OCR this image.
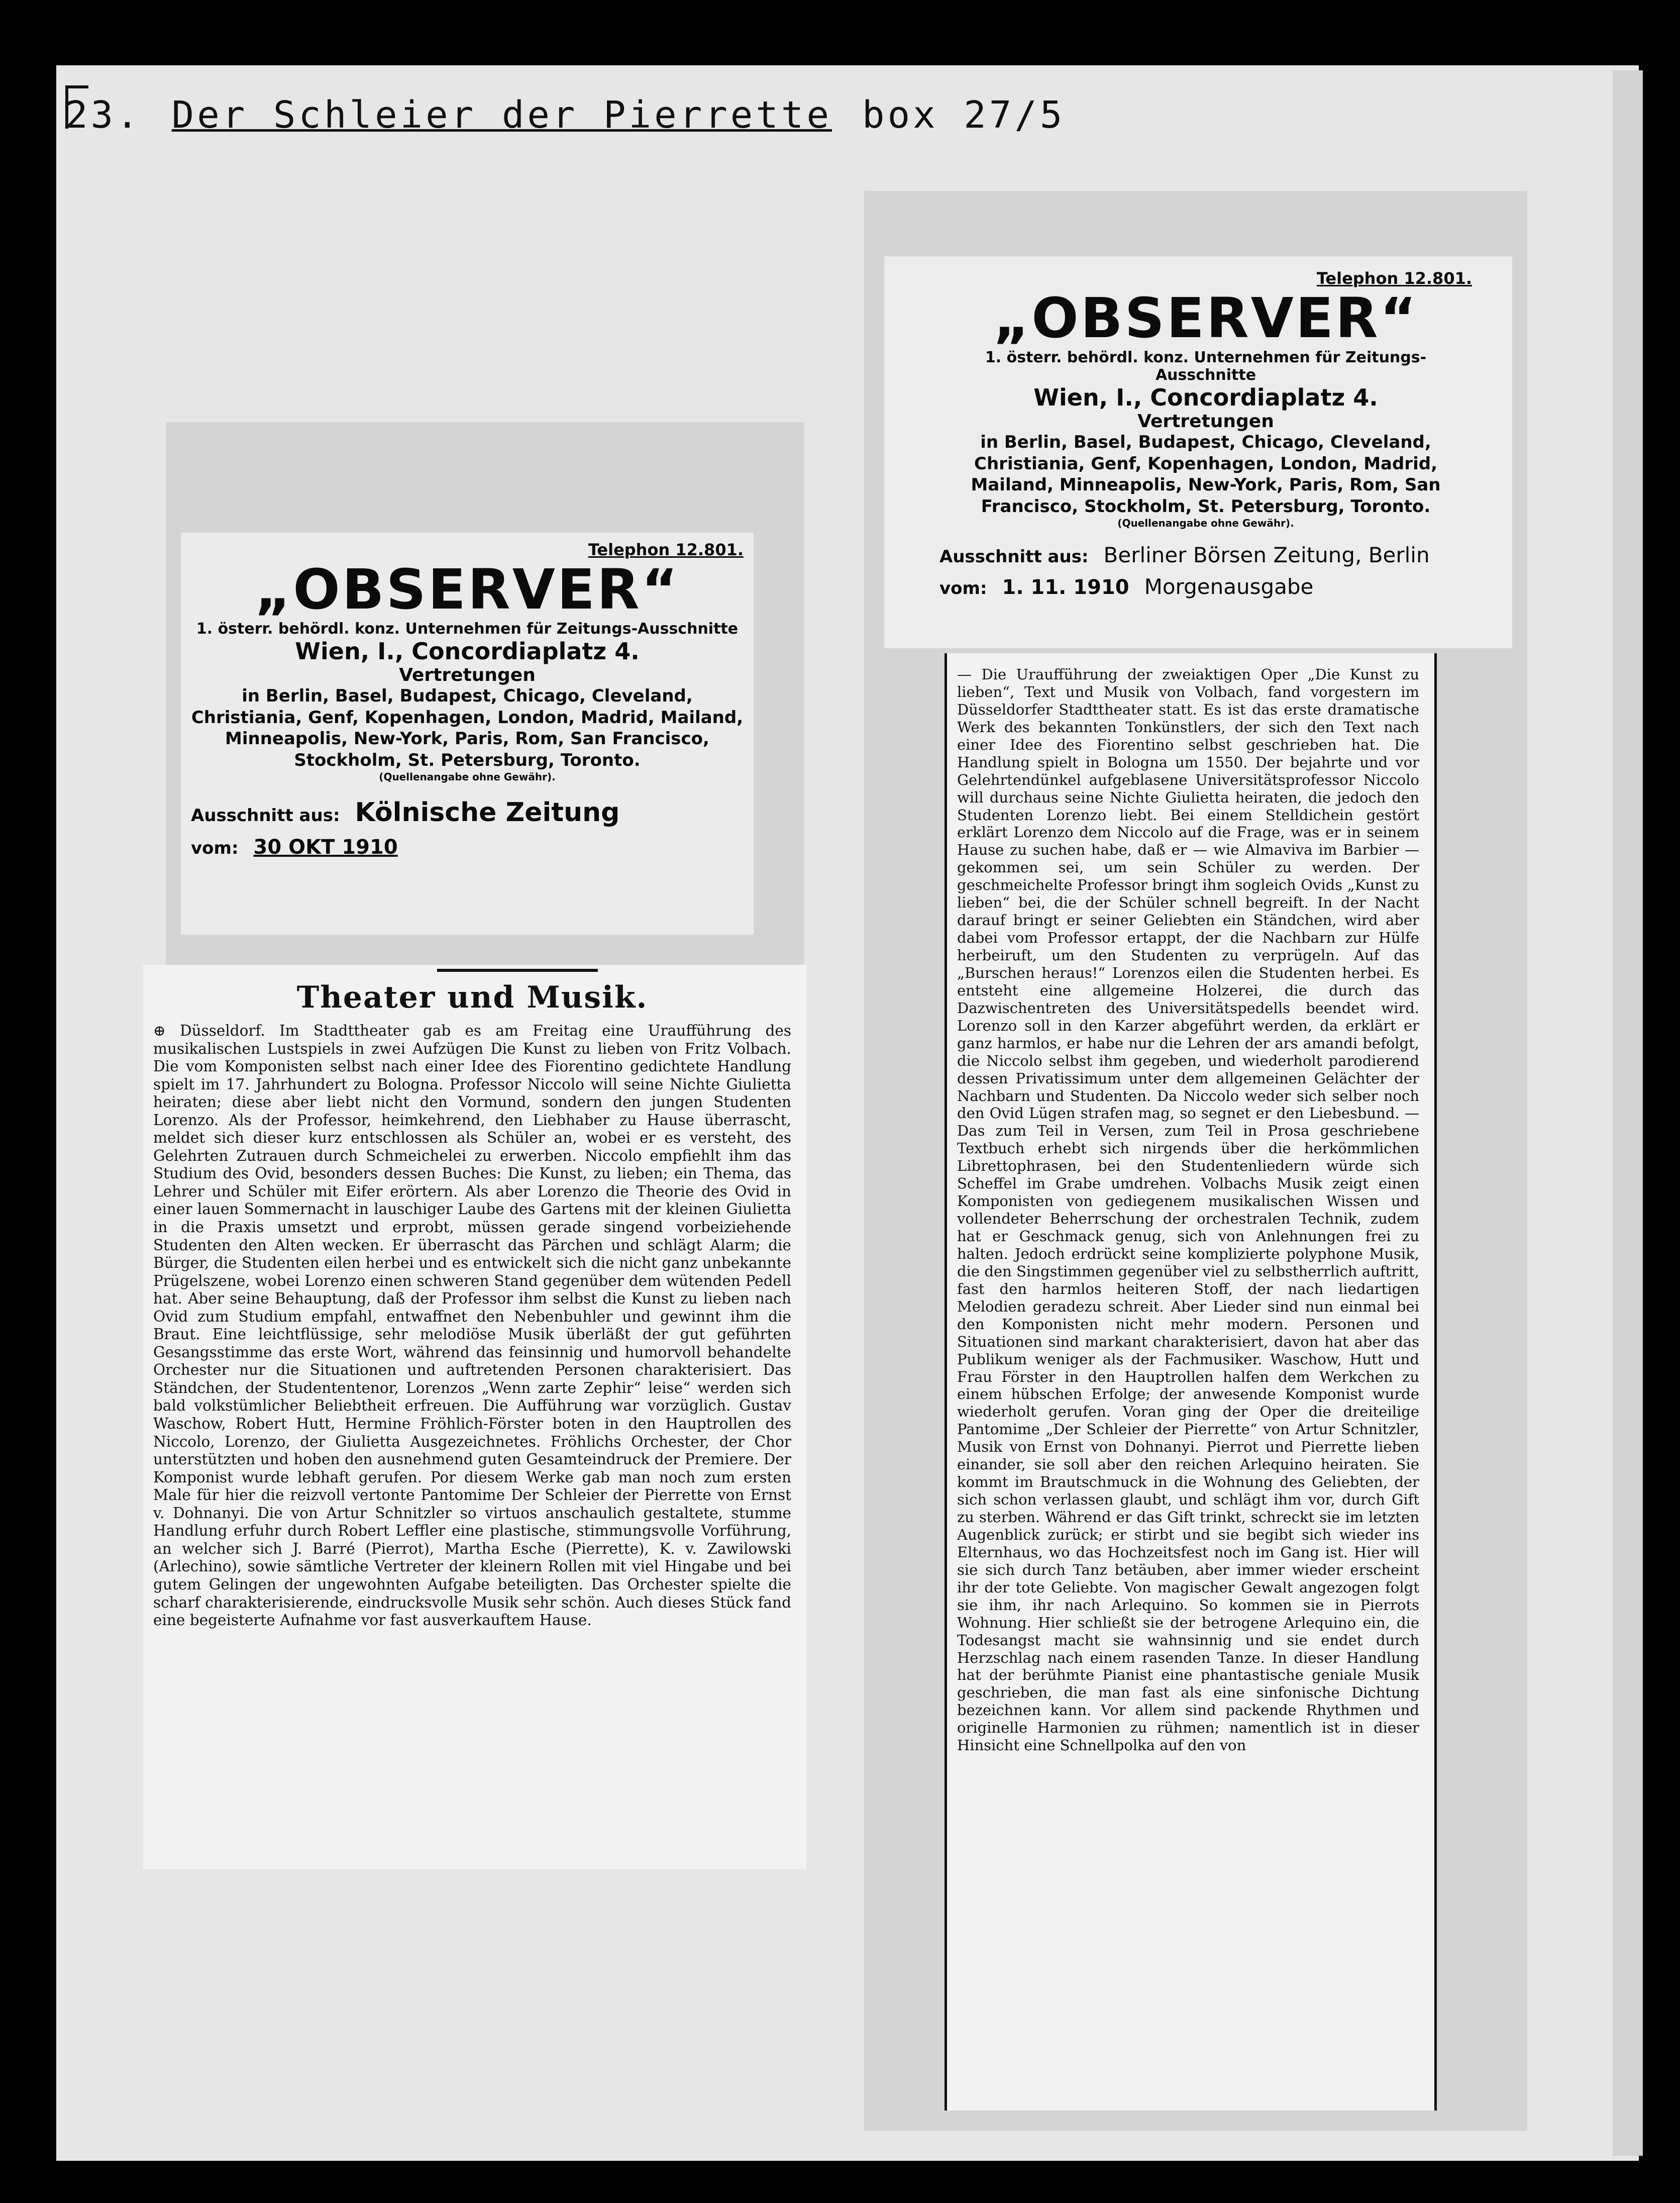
23. Der Schleier der Pierrette box 27/5
Telephon 12.801.
„OBSERVER“
1. österr. behördl. konz. Unternehmen für Zeitungs-Ausschnitte
Wien, I., Concordiaplatz 4.
Vertretungen
in Berlin, Basel, Budapest, Chicago, Cleveland, Christiania, Genf, Kopenhagen, London, Madrid, Mailand, Minneapolis, New-York, Paris, Rom, San Francisco, Stockholm, St. Petersburg, Toronto.
(Quellenangabe ohne Gewähr).
Ausschnitt aus: Kölnische Zeitung
vom: 30 OKT 1910
Theater und Musik.

⊕ Düsseldorf. Im Stadttheater gab es am Freitag eine Uraufführung des musikalischen Lustspiels in zwei Aufzügen Die Kunst zu lieben von Fritz Volbach. Die vom Komponisten selbst nach einer Idee des Fiorentino gedichtete Handlung spielt im 17. Jahrhundert zu Bologna. Professor Niccolo will seine Nichte Giulietta heiraten; diese aber liebt nicht den Vormund, sondern den jungen Studenten Lorenzo. Als der Professor, heimkehrend, den Liebhaber zu Hause überrascht, meldet sich dieser kurz entschlossen als Schüler an, wobei er es versteht, des Gelehrten Zutrauen durch Schmeichelei zu erwerben. Niccolo empfiehlt ihm das Studium des Ovid, besonders dessen Buches: Die Kunst, zu lieben; ein Thema, das Lehrer und Schüler mit Eifer erörtern. Als aber Lorenzo die Theorie des Ovid in einer lauen Sommernacht in lauschiger Laube des Gartens mit der kleinen Giulietta in die Praxis umsetzt und erprobt, müssen gerade singend vorbeiziehende Studenten den Alten wecken. Er überrascht das Pärchen und schlägt Alarm; die Bürger, die Studenten eilen herbei und es entwickelt sich die nicht ganz unbekannte Prügelszene, wobei Lorenzo einen schweren Stand gegenüber dem wütenden Pedell hat. Aber seine Behauptung, daß der Professor ihm selbst die Kunst zu lieben nach Ovid zum Studium empfahl, entwaffnet den Nebenbuhler und gewinnt ihm die Braut. Eine leichtflüssige, sehr melodiöse Musik überläßt der gut geführten Gesangsstimme das erste Wort, während das feinsinnig und humorvoll behandelte Orchester nur die Situationen und auftretenden Personen charakterisiert. Das Ständchen, der Studententenor, Lorenzos „Wenn zarte Zephir“ leise“ werden sich bald volkstümlicher Beliebtheit erfreuen. Die Aufführung war vorzüglich. Gustav Waschow, Robert Hutt, Hermine Fröhlich-Förster boten in den Hauptrollen des Niccolo, Lorenzo, der Giulietta Ausgezeichnetes. Fröhlichs Orchester, der Chor unterstützten und hoben den ausnehmend guten Gesamteindruck der Premiere. Der Komponist wurde lebhaft gerufen. Por diesem Werke gab man noch zum ersten Male für hier die reizvoll vertonte Pantomime Der Schleier der Pierrette von Ernst v. Dohnanyi. Die von Artur Schnitzler so virtuos anschaulich gestaltete, stumme Handlung erfuhr durch Robert Leffler eine plastische, stimmungsvolle Vorführung, an welcher sich J. Barré (Pierrot), Martha Esche (Pierrette), K. v. Zawilowski (Arlechino), sowie sämtliche Vertreter der kleinern Rollen mit viel Hingabe und bei gutem Gelingen der ungewohnten Aufgabe beteiligten. Das Orchester spielte die scharf charakterisierende, eindrucksvolle Musik sehr schön. Auch dieses Stück fand eine begeisterte Aufnahme vor fast ausverkauftem Hause.

Telephon 12.801.
„OBSERVER“
1. österr. behördl. konz. Unternehmen für Zeitungs-Ausschnitte
Wien, I., Concordiaplatz 4.
Vertretungen
in Berlin, Basel, Budapest, Chicago, Cleveland, Christiania, Genf, Kopenhagen, London, Madrid, Mailand, Minneapolis, New-York, Paris, Rom, San Francisco, Stockholm, St. Petersburg, Toronto.
(Quellenangabe ohne Gewähr).
Ausschnitt aus: Berliner Börsen Zeitung, Berlin
vom: 1. 11. 1910 Morgenausgabe

— Die Uraufführung der zweiaktigen Oper „Die Kunst zu lieben“, Text und Musik von Volbach, fand vorgestern im Düsseldorfer Stadttheater statt. Es ist das erste dramatische Werk des bekannten Tonkünstlers, der sich den Text nach einer Idee des Fiorentino selbst geschrieben hat. Die Handlung spielt in Bologna um 1550. Der bejahrte und vor Gelehrtendünkel aufgeblasene Universitätsprofessor Niccolo will durchaus seine Nichte Giulietta heiraten, die jedoch den Studenten Lorenzo liebt. Bei einem Stelldichein gestört erklärt Lorenzo dem Niccolo auf die Frage, was er in seinem Hause zu suchen habe, daß er — wie Almaviva im Barbier — gekommen sei, um sein Schüler zu werden. Der geschmeichelte Professor bringt ihm sogleich Ovids „Kunst zu lieben“ bei, die der Schüler schnell begreift. In der Nacht darauf bringt er seiner Geliebten ein Ständchen, wird aber dabei vom Professor ertappt, der die Nachbarn zur Hülfe herbeiruft, um den Studenten zu verprügeln. Auf das „Burschen heraus!“ Lorenzos eilen die Studenten herbei. Es entsteht eine allgemeine Holzerei, die durch das Dazwischentreten des Universitätspedells beendet wird. Lorenzo soll in den Karzer abgeführt werden, da erklärt er ganz harmlos, er habe nur die Lehren der ars amandi befolgt, die Niccolo selbst ihm gegeben, und wiederholt parodierend dessen Privatissimum unter dem allgemeinen Gelächter der Nachbarn und Studenten. Da Niccolo weder sich selber noch den Ovid Lügen strafen mag, so segnet er den Liebesbund. — Das zum Teil in Versen, zum Teil in Prosa geschriebene Textbuch erhebt sich nirgends über die herkömmlichen Librettophrasen, bei den Studentenliedern würde sich Scheffel im Grabe umdrehen. Volbachs Musik zeigt einen Komponisten von gediegenem musikalischen Wissen und vollendeter Beherrschung der orchestralen Technik, zudem hat er Geschmack genug, sich von Anlehnungen frei zu halten. Jedoch erdrückt seine komplizierte polyphone Musik, die den Singstimmen gegenüber viel zu selbstherrlich auftritt, fast den harmlos heiteren Stoff, der nach liedartigen Melodien geradezu schreit. Aber Lieder sind nun einmal bei den Komponisten nicht mehr modern. Personen und Situationen sind markant charakterisiert, davon hat aber das Publikum weniger als der Fachmusiker. Waschow, Hutt und Frau Förster in den Hauptrollen halfen dem Werkchen zu einem hübschen Erfolge; der anwesende Komponist wurde wiederholt gerufen. Voran ging der Oper die dreiteilige Pantomime „Der Schleier der Pierrette“ von Artur Schnitzler, Musik von Ernst von Dohnanyi. Pierrot und Pierrette lieben einander, sie soll aber den reichen Arlequino heiraten. Sie kommt im Brautschmuck in die Wohnung des Geliebten, der sich schon verlassen glaubt, und schlägt ihm vor, durch Gift zu sterben. Während er das Gift trinkt, schreckt sie im letzten Augenblick zurück; er stirbt und sie begibt sich wieder ins Elternhaus, wo das Hochzeitsfest noch im Gang ist. Hier will sie sich durch Tanz betäuben, aber immer wieder erscheint ihr der tote Geliebte. Von magischer Gewalt angezogen folgt sie ihm, ihr nach Arlequino. So kommen sie in Pierrots Wohnung. Hier schließt sie der betrogene Arlequino ein, die Todesangst macht sie wahnsinnig und sie endet durch Herzschlag nach einem rasenden Tanze. In dieser Handlung hat der berühmte Pianist eine phantastische geniale Musik geschrieben, die man fast als eine sinfonische Dichtung bezeichnen kann. Vor allem sind packende Rhythmen und originelle Harmonien zu rühmen; namentlich ist in dieser Hinsicht eine Schnellpolka auf den von
